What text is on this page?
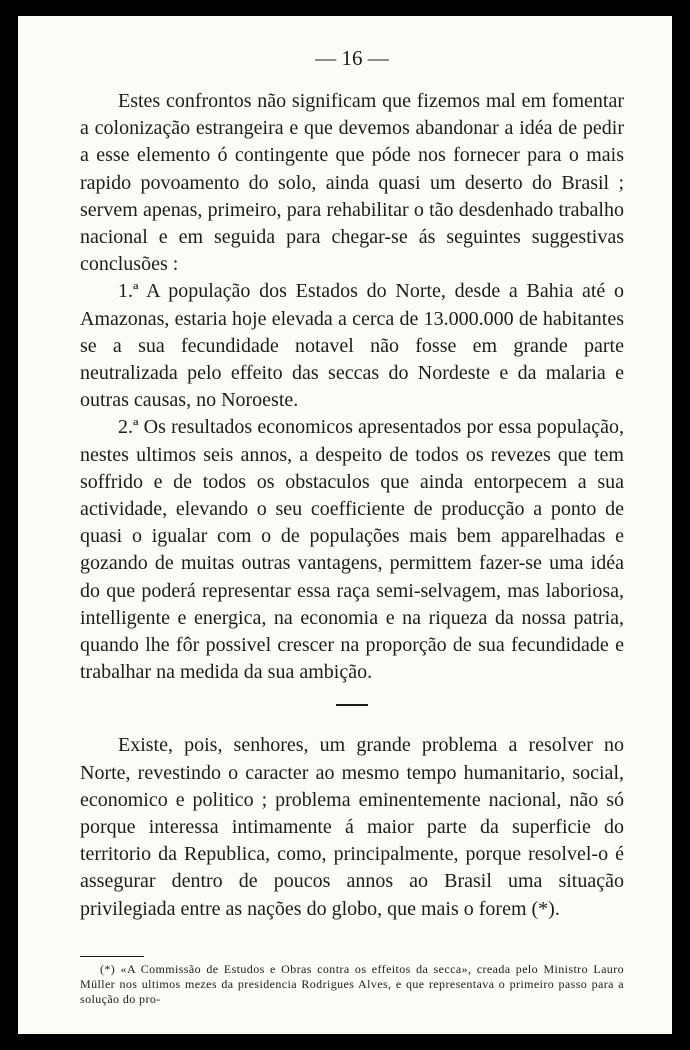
— 16 —

Estes confrontos não significam que fizemos mal em fomentar a colonização estrangeira e que devemos abandonar a idéa de pedir a esse elemento ó contingente que póde nos fornecer para o mais rapido povoamento do solo, ainda quasi um deserto do Brasil ; servem apenas, primeiro, para rehabilitar o tão desdenhado trabalho nacional e em seguida para chegar-se ás seguintes suggestivas conclusões :

1.ª A população dos Estados do Norte, desde a Bahia até o Amazonas, estaria hoje elevada a cerca de 13.000.000 de habitantes se a sua fecundidade notavel não fosse em grande parte neutralizada pelo effeito das seccas do Nordeste e da malaria e outras causas, no Noroeste.

2.ª Os resultados economicos apresentados por essa população, nestes ultimos seis annos, a despeito de todos os revezes que tem soffrido e de todos os obstaculos que ainda entorpecem a sua actividade, elevando o seu coefficiente de producção a ponto de quasi o igualar com o de populações mais bem apparelhadas e gozando de muitas outras vantagens, permittem fazer-se uma idéa do que poderá representar essa raça semi-selvagem, mas laboriosa, intelligente e energica, na economia e na riqueza da nossa patria, quando lhe fôr possivel crescer na proporção de sua fecundidade e trabalhar na medida da sua ambição.

Existe, pois, senhores, um grande problema a resolver no Norte, revestindo o caracter ao mesmo tempo humanitario, social, economico e politico ; problema eminentemente nacional, não só porque interessa intimamente á maior parte da superficie do territorio da Republica, como, principalmente, porque resolvel-o é assegurar dentro de poucos annos ao Brasil uma situação privilegiada entre as nações do globo, que mais o forem (*).

(*) «A Commissão de Estudos e Obras contra os effeitos da secca», creada pelo Ministro Lauro Müller nos ultimos mezes da presidencia Rodrigues Alves, e que representava o primeiro passo para a solução do pro-
